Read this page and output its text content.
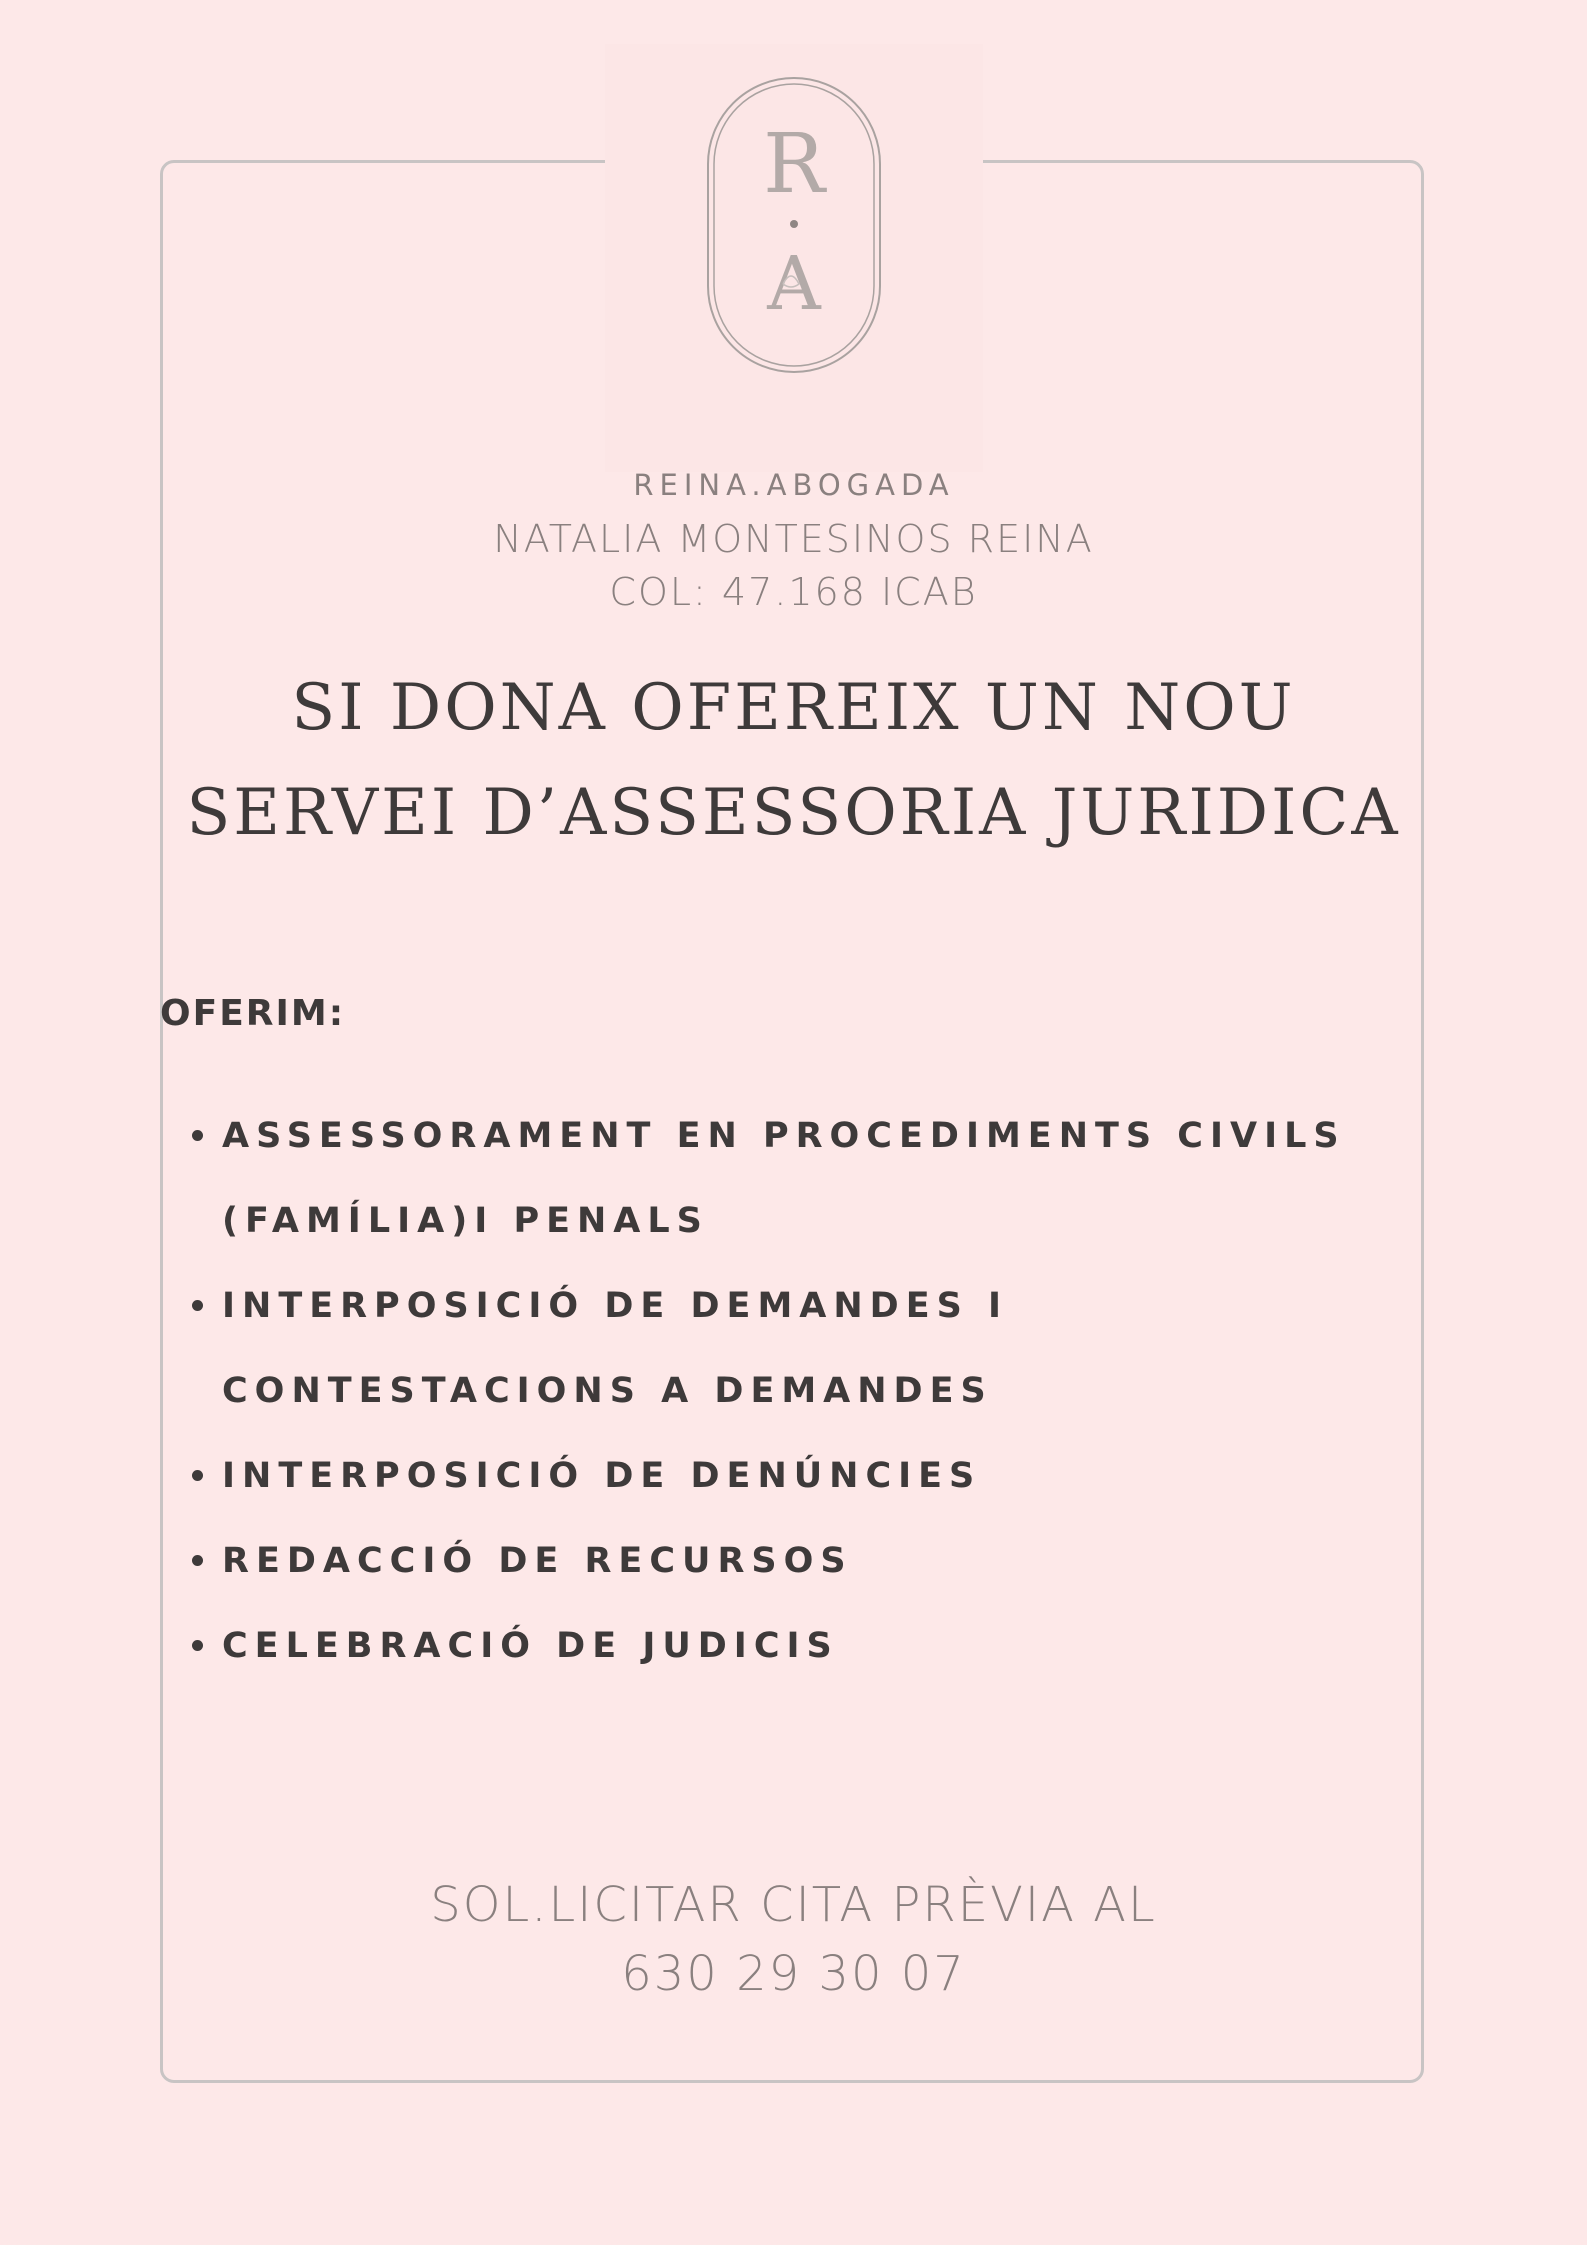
R
A
REINA.ABOGADA
NATALIA MONTESINOS REINA
COL: 47.168 ICAB
SI DONA OFEREIX UN NOU
SERVEI D’ASSESSORIA JURIDICA
OFERIM:
ASSESSORAMENT EN PROCEDIMENTS CIVILS
(FAMÍLIA)I PENALS
INTERPOSICIÓ DE DEMANDES I
CONTESTACIONS A DEMANDES
INTERPOSICIÓ DE DENÚNCIES
REDACCIÓ DE RECURSOS
CELEBRACIÓ DE JUDICIS
SOL.LICITAR CITA PRÈVIA AL
630 29 30 07
